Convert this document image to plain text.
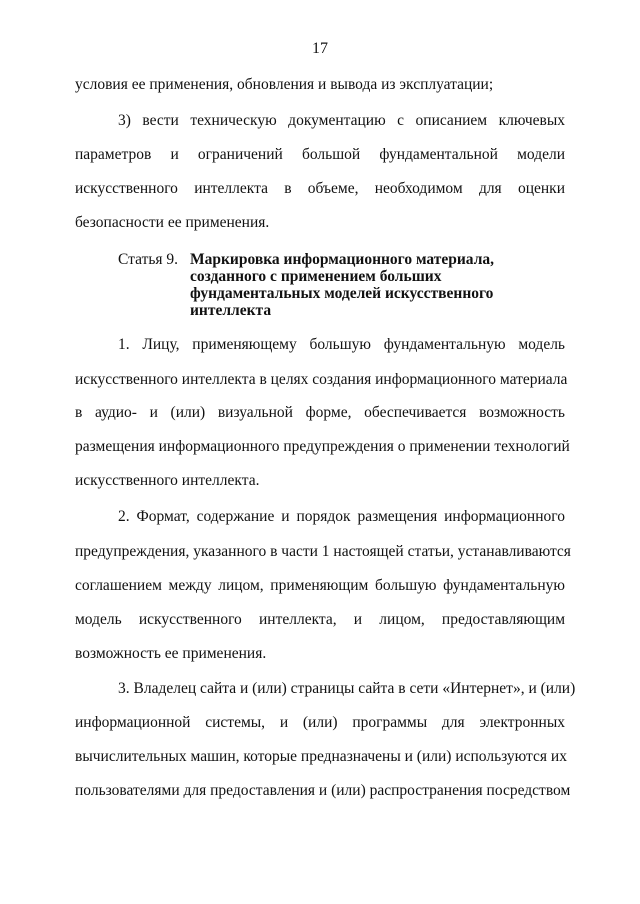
17
условия ее применения, обновления и вывода из эксплуатации;
3) вести техническую документацию с описанием ключевых
параметров и ограничений большой фундаментальной модели
искусственного интеллекта в объеме, необходимом для оценки
безопасности ее применения.
Статья 9. Маркировка информационного материала,
созданного с применением больших
фундаментальных моделей искусственного
интеллекта
1. Лицу, применяющему большую фундаментальную модель
искусственного интеллекта в целях создания информационного материала
в аудио- и (или) визуальной форме, обеспечивается возможность
размещения информационного предупреждения о применении технологий
искусственного интеллекта.
2. Формат, содержание и порядок размещения информационного
предупреждения, указанного в части 1 настоящей статьи, устанавливаются
соглашением между лицом, применяющим большую фундаментальную
модель искусственного интеллекта, и лицом, предоставляющим
возможность ее применения.
3. Владелец сайта и (или) страницы сайта в сети «Интернет», и (или)
информационной системы, и (или) программы для электронных
вычислительных машин, которые предназначены и (или) используются их
пользователями для предоставления и (или) распространения посредством
